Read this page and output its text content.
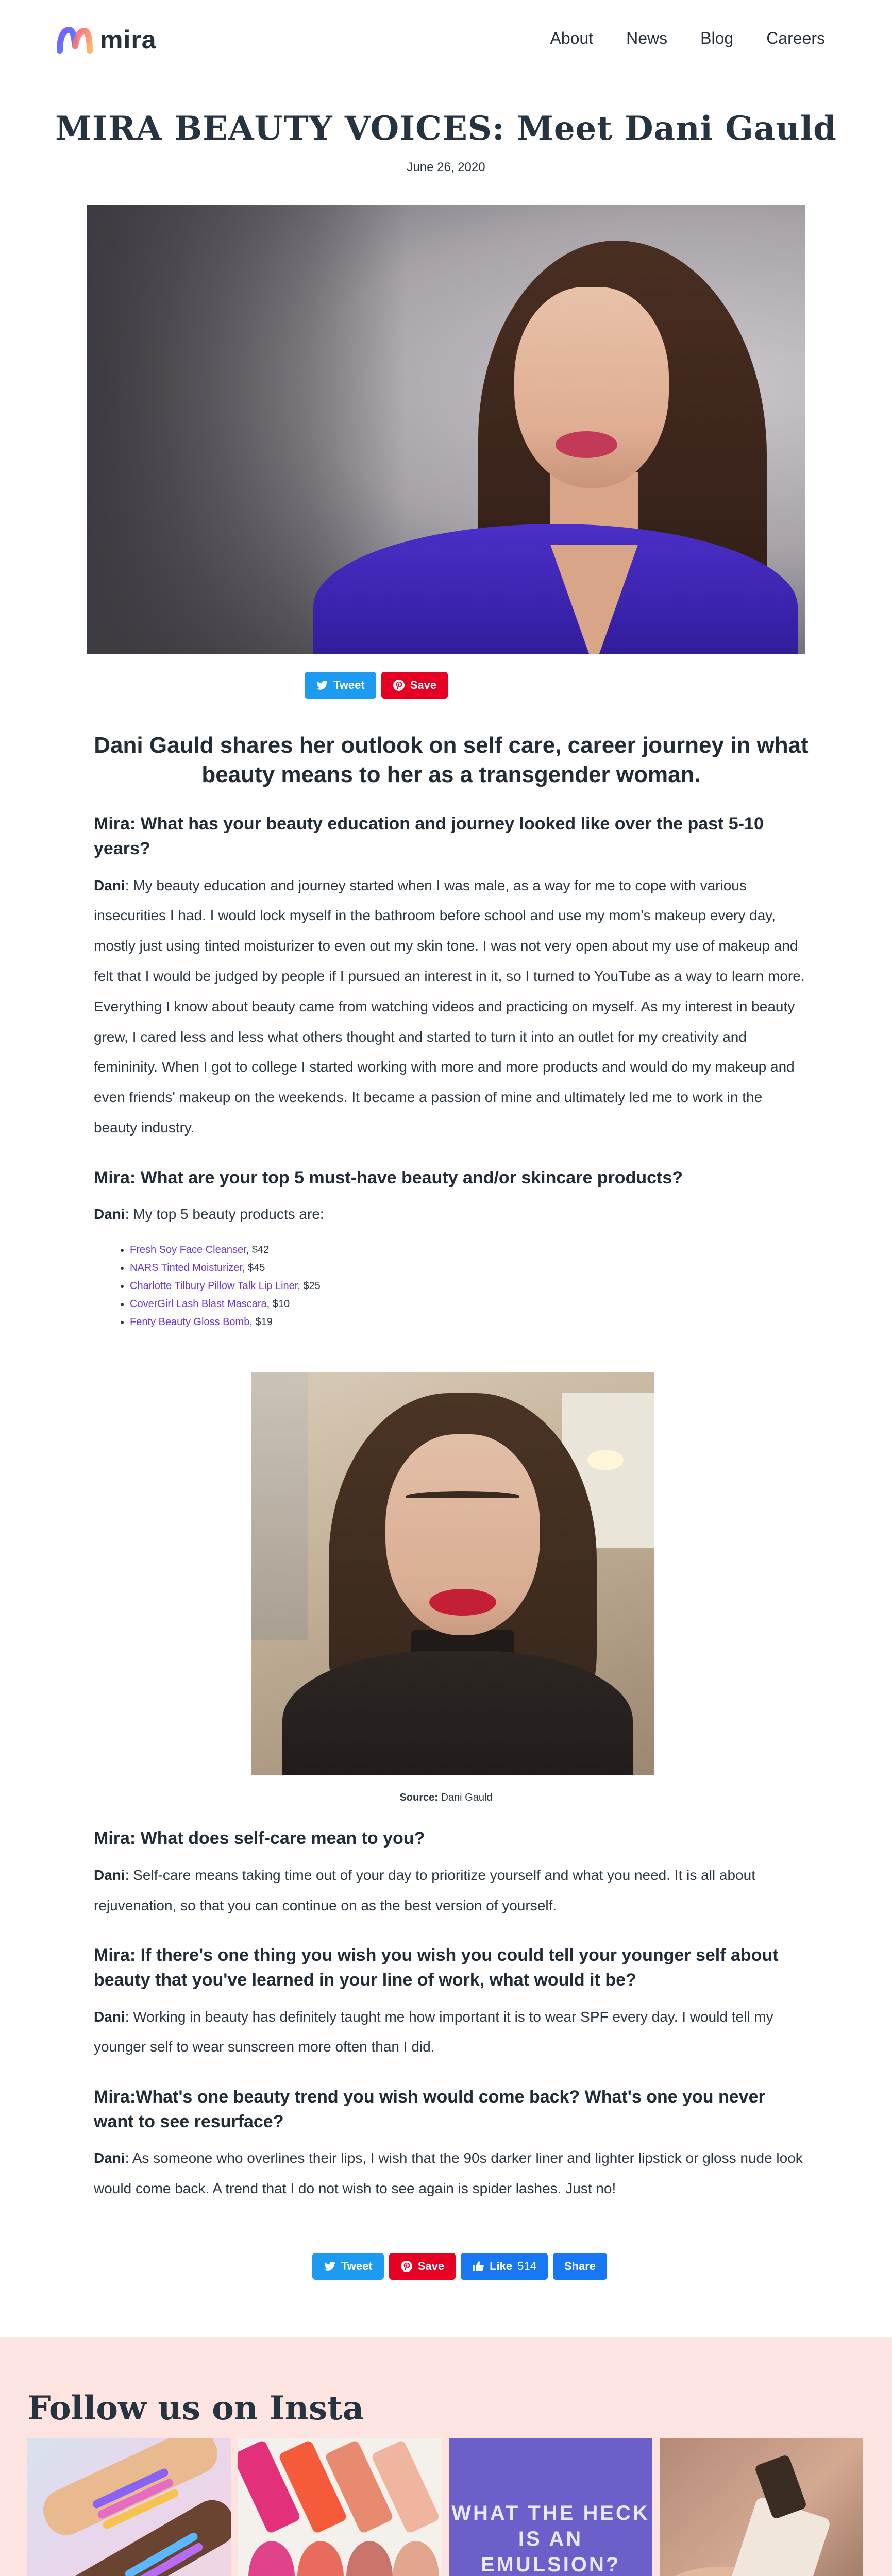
mira	About News Blog Careers
MIRA BEAUTY VOICES: Meet Dani Gauld
June 26, 2020
Tweet	Save
Dani Gauld shares her outlook on self care, career journey in what beauty means to her as a transgender woman.
Mira: What has your beauty education and journey looked like over the past 5-10 years?

Dani: My beauty education and journey started when I was male, as a way for me to cope with various insecurities I had. I would lock myself in the bathroom before school and use my mom's makeup every day, mostly just using tinted moisturizer to even out my skin tone. I was not very open about my use of makeup and felt that I would be judged by people if I pursued an interest in it, so I turned to YouTube as a way to learn more. Everything I know about beauty came from watching videos and practicing on myself. As my interest in beauty grew, I cared less and less what others thought and started to turn it into an outlet for my creativity and femininity. When I got to college I started working with more and more products and would do my makeup and even friends' makeup on the weekends. It became a passion of mine and ultimately led me to work in the beauty industry.

Mira: What are your top 5 must-have beauty and/or skincare products?

Dani: My top 5 beauty products are:

• Fresh Soy Face Cleanser, $42
• NARS Tinted Moisturizer, $45
• Charlotte Tilbury Pillow Talk Lip Liner, $25
• CoverGirl Lash Blast Mascara, $10
• Fenty Beauty Gloss Bomb, $19
Source: Dani Gauld
Mira: What does self-care mean to you?

Dani: Self-care means taking time out of your day to prioritize yourself and what you need. It is all about rejuvenation, so that you can continue on as the best version of yourself.

Mira: If there's one thing you wish you wish you could tell your younger self about beauty that you've learned in your line of work, what would it be?

Dani: Working in beauty has definitely taught me how important it is to wear SPF every day. I would tell my younger self to wear sunscreen more often than I did.

Mira:What's one beauty trend you wish would come back? What's one you never want to see resurface?

Dani: As someone who overlines their lips, I wish that the 90s darker liner and lighter lipstick or gloss nude look would come back. A trend that I do not wish to see again is spider lashes. Just no!

Tweet	Save	Like 514 Share
Follow us on Insta
WHAT THE HECK IS AN EMULSION?
